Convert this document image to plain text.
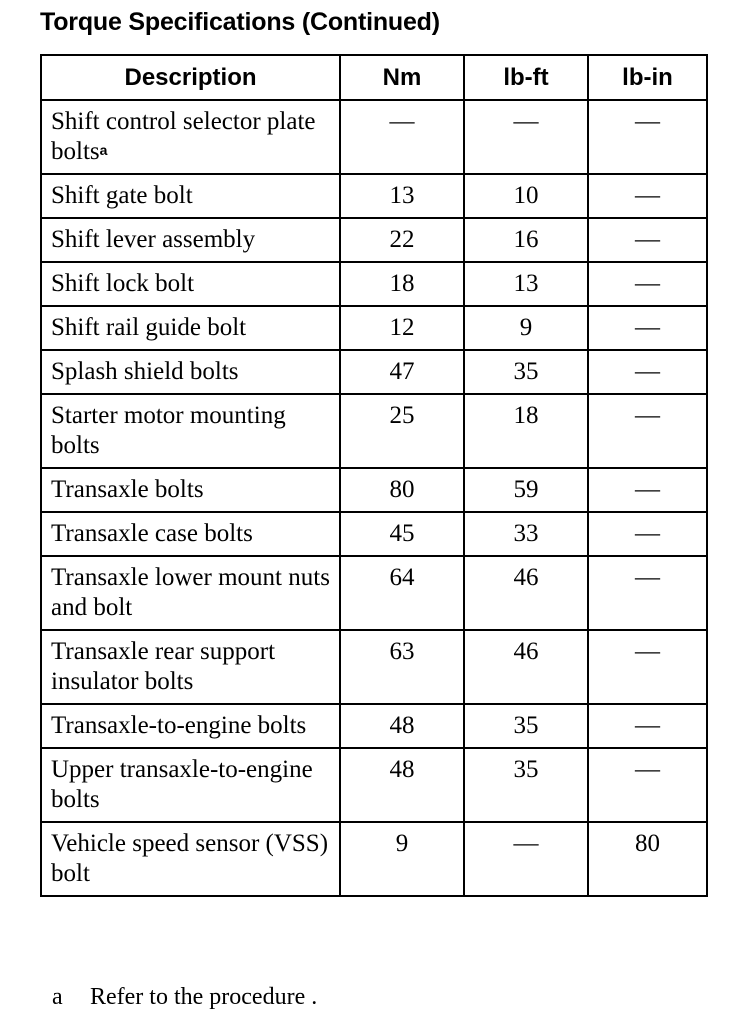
Torque Specifications (Continued)
Description	Nm	lb-ft	lb-in
Shift control selector plate bolts$^a$	—	—	—
Shift gate bolt	13	10	—
Shift lever assembly	22	16	—
Shift lock bolt	18	13	—
Shift rail guide bolt	12	9	—
Splash shield bolts	47	35	—
Starter motor mounting bolts	25	18	—
Transaxle bolts	80	59	—
Transaxle case bolts	45	33	—
Transaxle lower mount nuts and bolt	64	46	—
Transaxle rear support insulator bolts	63	46	—
Transaxle-to-engine bolts	48	35	—
Upper transaxle-to-engine bolts	48	35	—
Vehicle speed sensor (VSS) bolt	9	—	80
a Refer to the procedure .
